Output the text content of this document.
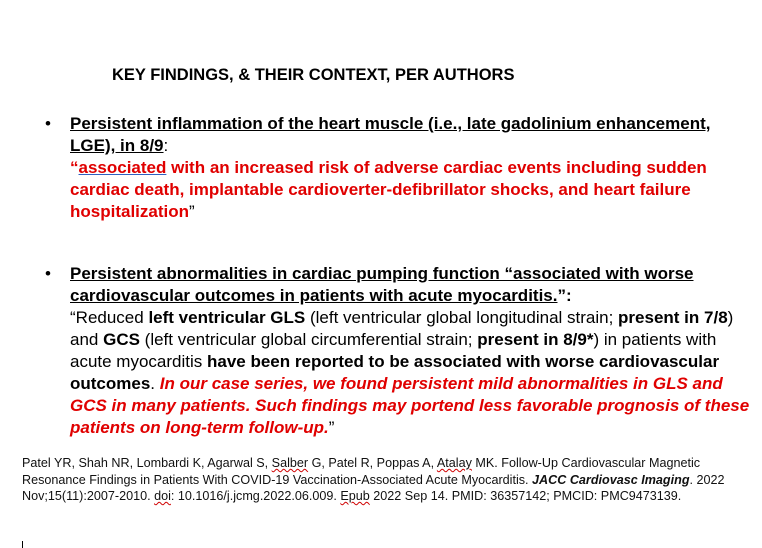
KEY FINDINGS, & THEIR CONTEXT, PER AUTHORS
• Persistent inflammation of the heart muscle (i.e., late gadolinium enhancement, LGE), in 8/9:
“associated with an increased risk of adverse cardiac events including sudden cardiac death, implantable cardioverter-defibrillator shocks, and heart failure hospitalization”
• Persistent abnormalities in cardiac pumping function “associated with worse cardiovascular outcomes in patients with acute myocarditis.”:
“Reduced left ventricular GLS (left ventricular global longitudinal strain; present in 7/8) and GCS (left ventricular global circumferential strain; present in 8/9*) in patients with acute myocarditis have been reported to be associated with worse cardiovascular outcomes. In our case series, we found persistent mild abnormalities in GLS and GCS in many patients. Such findings may portend less favorable prognosis of these patients on long-term follow-up.”
Patel YR, Shah NR, Lombardi K, Agarwal S, Salber G, Patel R, Poppas A, Atalay MK. Follow-Up Cardiovascular Magnetic Resonance Findings in Patients With COVID-19 Vaccination-Associated Acute Myocarditis. JACC Cardiovasc Imaging. 2022 Nov;15(11):2007-2010. doi: 10.1016/j.jcmg.2022.06.009. Epub 2022 Sep 14. PMID: 36357142; PMCID: PMC9473139.
